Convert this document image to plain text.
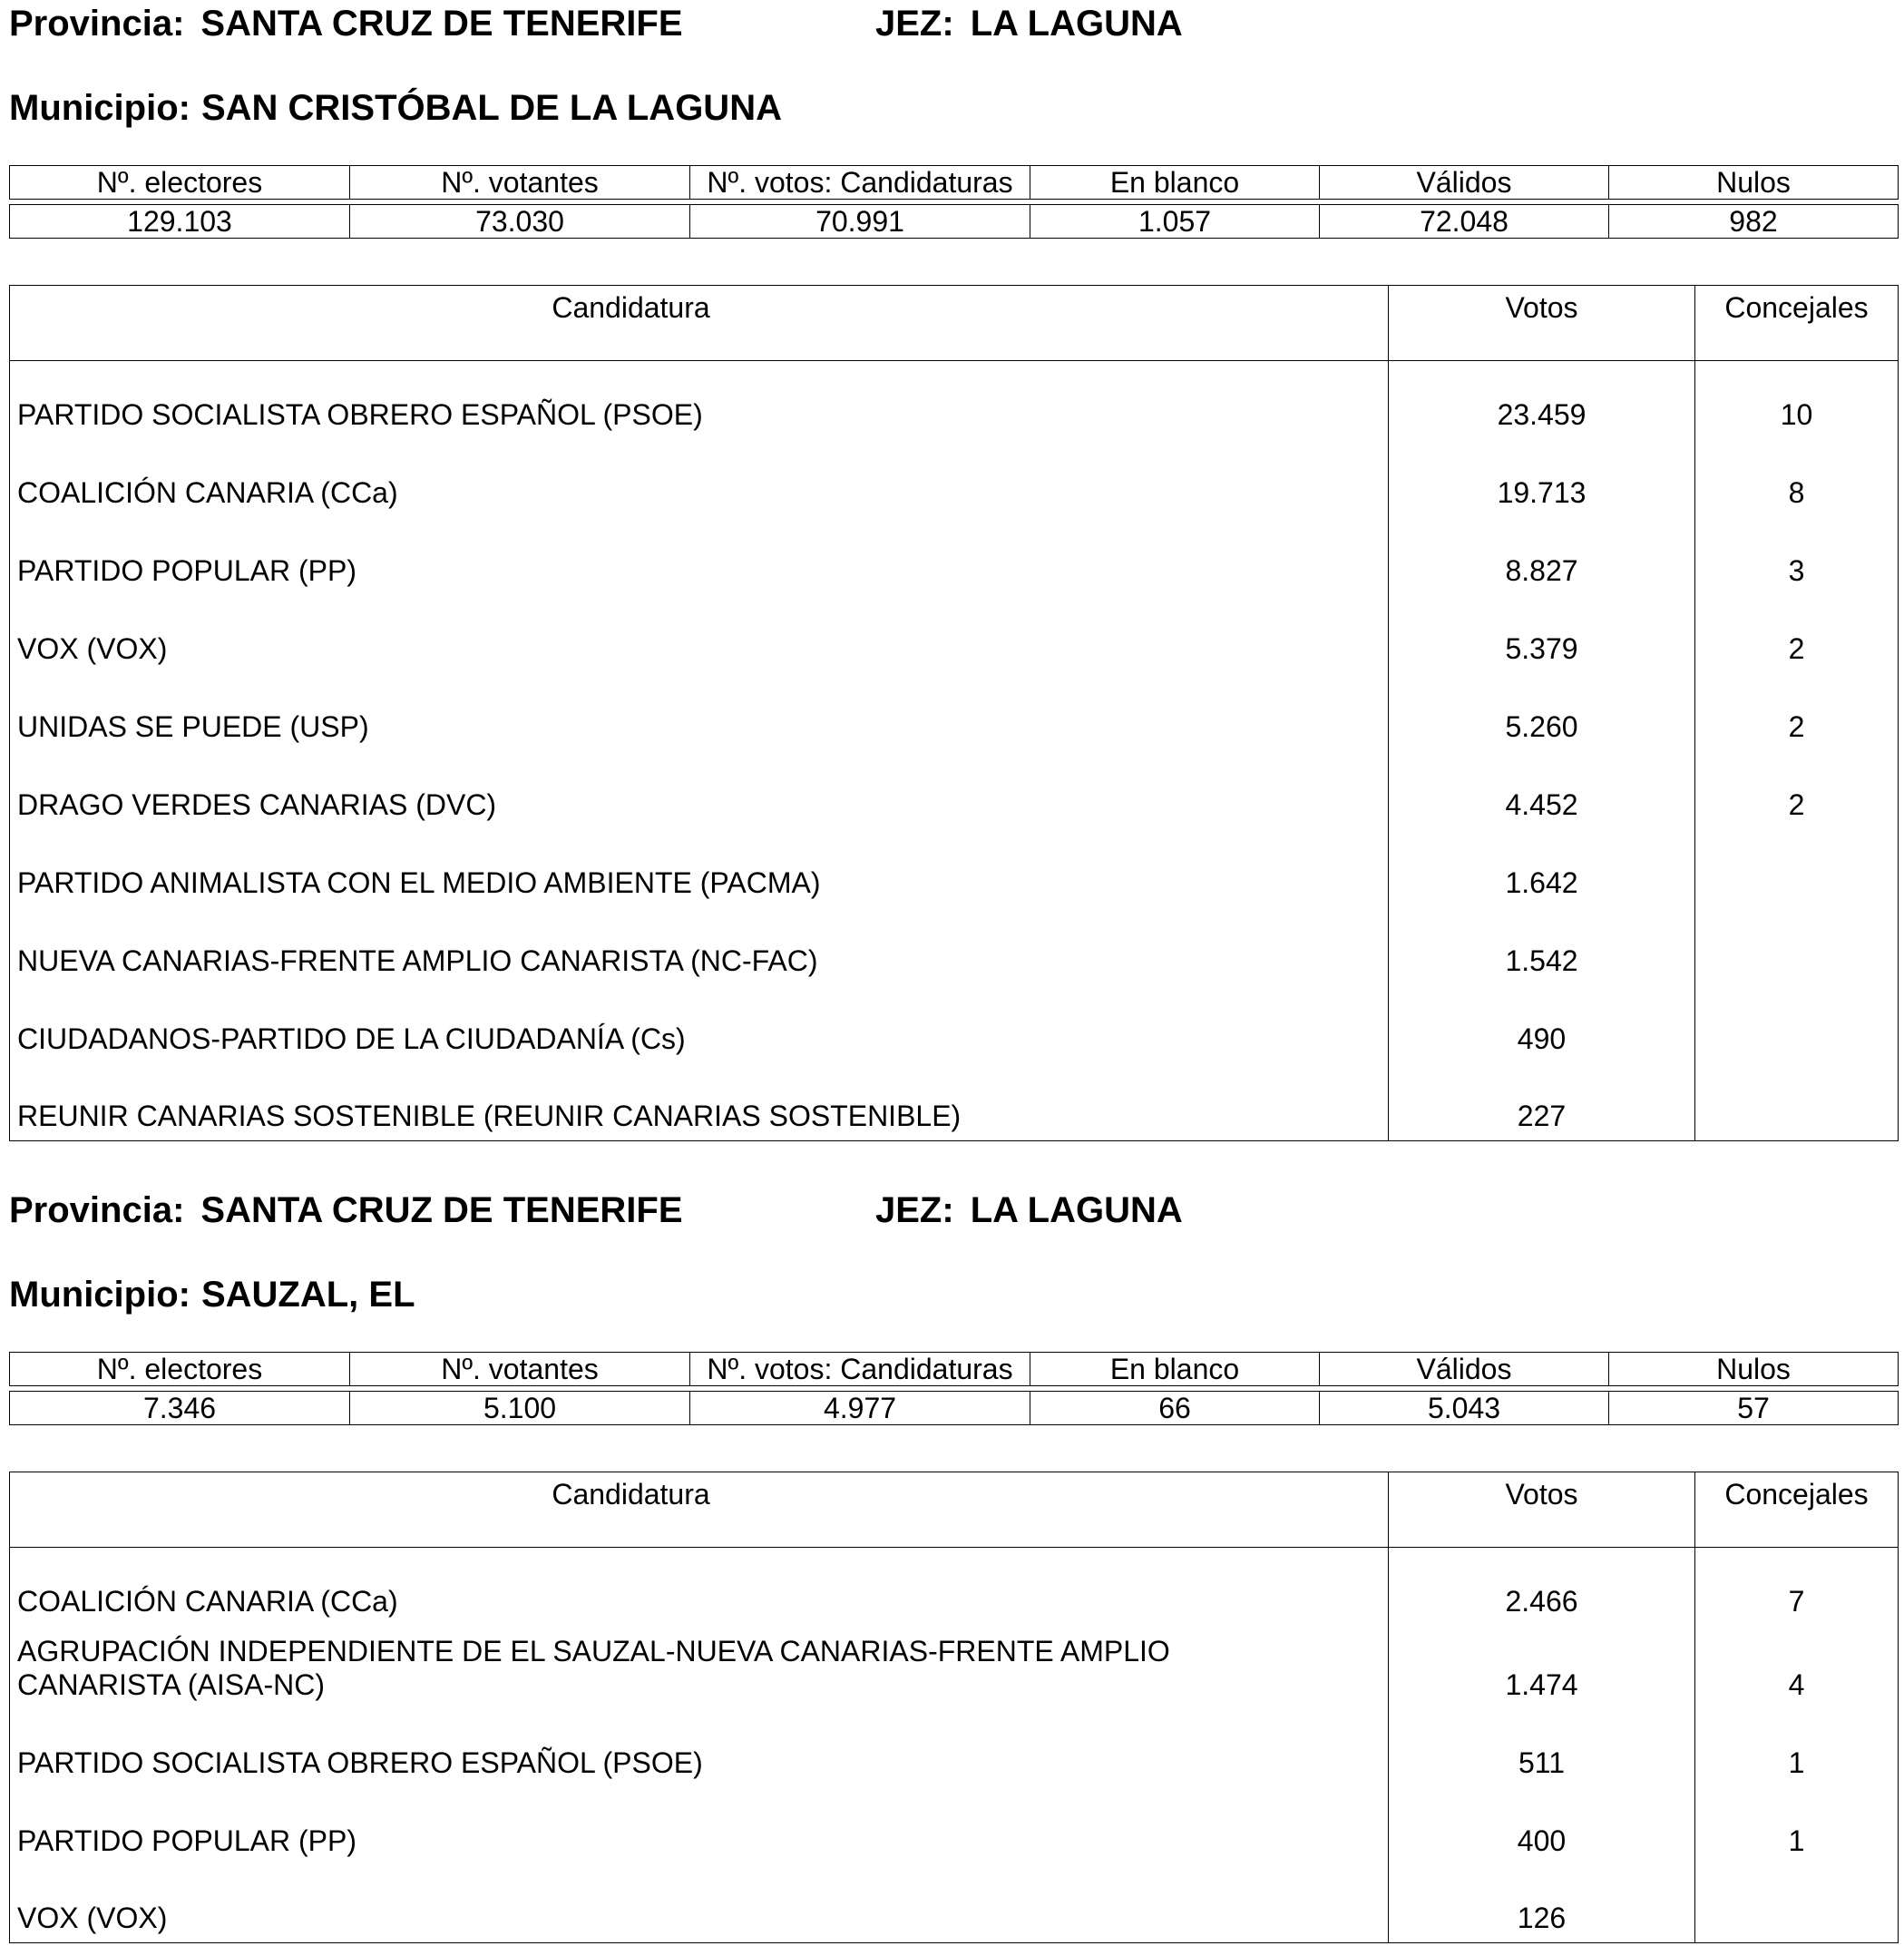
Provincia: SANTA CRUZ DE TENERIFE	JEZ: LA LAGUNA
Municipio: SAN CRISTÓBAL DE LA LAGUNA
Nº. electores	Nº. votantes	Nº. votos: Candidaturas	En blanco	Válidos	Nulos

129.103	73.030	70.991	1.057	72.048	982
Candidatura	Votos	Concejales
PARTIDO SOCIALISTA OBRERO ESPAÑOL (PSOE)	23.459	10
COALICIÓN CANARIA (CCa)	19.713	8
PARTIDO POPULAR (PP)	8.827	3
VOX (VOX)	5.379	2
UNIDAS SE PUEDE (USP)	5.260	2
DRAGO VERDES CANARIAS (DVC)	4.452	2
PARTIDO ANIMALISTA CON EL MEDIO AMBIENTE (PACMA)	1.642	
NUEVA CANARIAS-FRENTE AMPLIO CANARISTA (NC-FAC)	1.542	
CIUDADANOS-PARTIDO DE LA CIUDADANÍA (Cs)	490	
REUNIR CANARIAS SOSTENIBLE (REUNIR CANARIAS SOSTENIBLE)	227	
Provincia: SANTA CRUZ DE TENERIFE	JEZ: LA LAGUNA
Municipio: SAUZAL, EL
Nº. electores	Nº. votantes	Nº. votos: Candidaturas	En blanco	Válidos	Nulos

7.346	5.100	4.977	66	5.043	57
Candidatura	Votos	Concejales
COALICIÓN CANARIA (CCa)	2.466	7
AGRUPACIÓN INDEPENDIENTE DE EL SAUZAL-NUEVA CANARIAS-FRENTE AMPLIO CANARISTA (AISA-NC)	1.474	4
PARTIDO SOCIALISTA OBRERO ESPAÑOL (PSOE)	511	1
PARTIDO POPULAR (PP)	400	1
VOX (VOX)	126	
